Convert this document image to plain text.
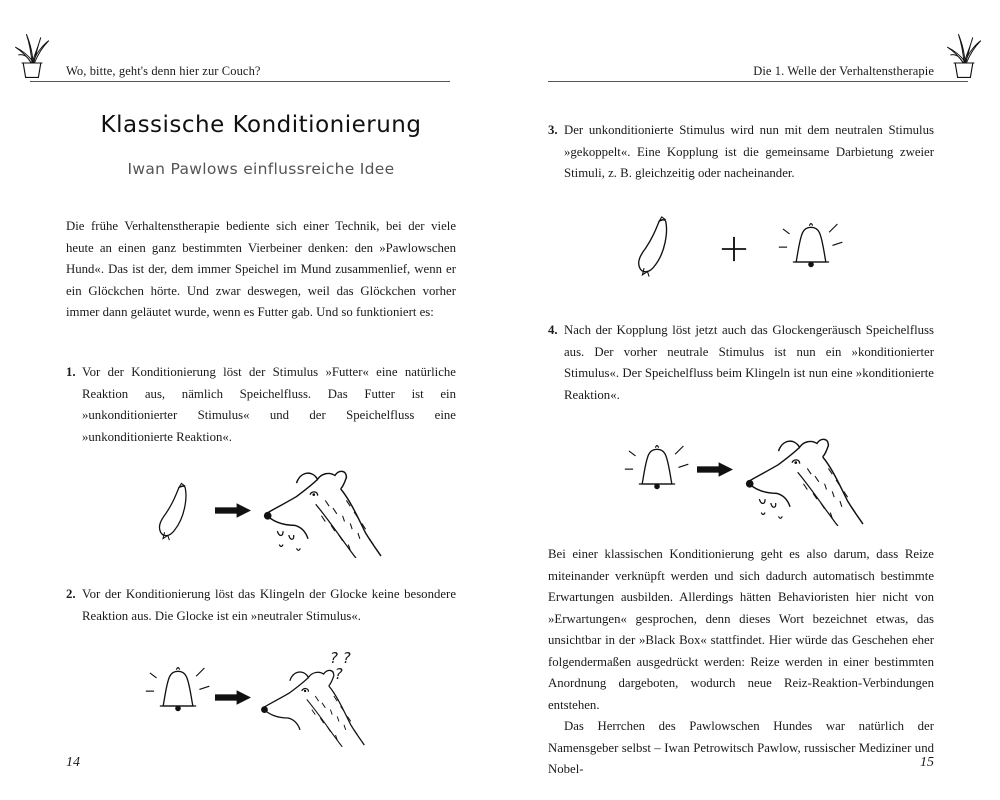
Wo, bitte, geht's denn hier zur Couch?
Klassische Konditionierung
Iwan Pawlows einflussreiche Idee

Die frühe Verhaltenstherapie bediente sich einer Technik, bei der viele heute an einen ganz bestimmten Vierbeiner denken: den »Pawlowschen Hund«. Das ist der, dem immer Speichel im Mund zusammenlief, wenn er ein Glöckchen hörte. Und zwar deswegen, weil das Glöckchen vorher immer dann geläutet wurde, wenn es Futter gab. Und so funktioniert es:

1. Vor der Konditionierung löst der Stimulus »Futter« eine natürliche Reaktion aus, nämlich Speichelfluss. Das Futter ist ein »unkonditionierter Stimulus« und der Speichelfluss eine »unkonditionierte Reaktion«.
2. Vor der Konditionierung löst das Klingeln der Glocke keine besondere Reaktion aus. Die Glocke ist ein »neutraler Stimulus«.
? ?
?
14
Die 1. Welle der Verhaltenstherapie
3. Der unkonditionierte Stimulus wird nun mit dem neutralen Stimulus »gekoppelt«. Eine Kopplung ist die gemeinsame Darbietung zweier Stimuli, z. B. gleichzeitig oder nacheinander.
4. Nach der Kopplung löst jetzt auch das Glockengeräusch Speichelfluss aus. Der vorher neutrale Stimulus ist nun ein »konditionierter Stimulus«. Der Speichelfluss beim Klingeln ist nun eine »konditionierte Reaktion«.

Bei einer klassischen Konditionierung geht es also darum, dass Reize miteinander verknüpft werden und sich dadurch automatisch bestimmte Erwartungen ausbilden. Allerdings hätten Behavioristen hier nicht von »Erwartungen« gesprochen, denn dieses Wort bezeichnet etwas, das unsichtbar in der »Black Box« stattfindet. Hier würde das Geschehen eher folgendermaßen ausgedrückt werden: Reize werden in einer bestimmten Anordnung dargeboten, wodurch neue Reiz-Reaktion-Verbindungen entstehen.

Das Herrchen des Pawlowschen Hundes war natürlich der Namensgeber selbst – Iwan Petrowitsch Pawlow, russischer Mediziner und Nobel-	15
